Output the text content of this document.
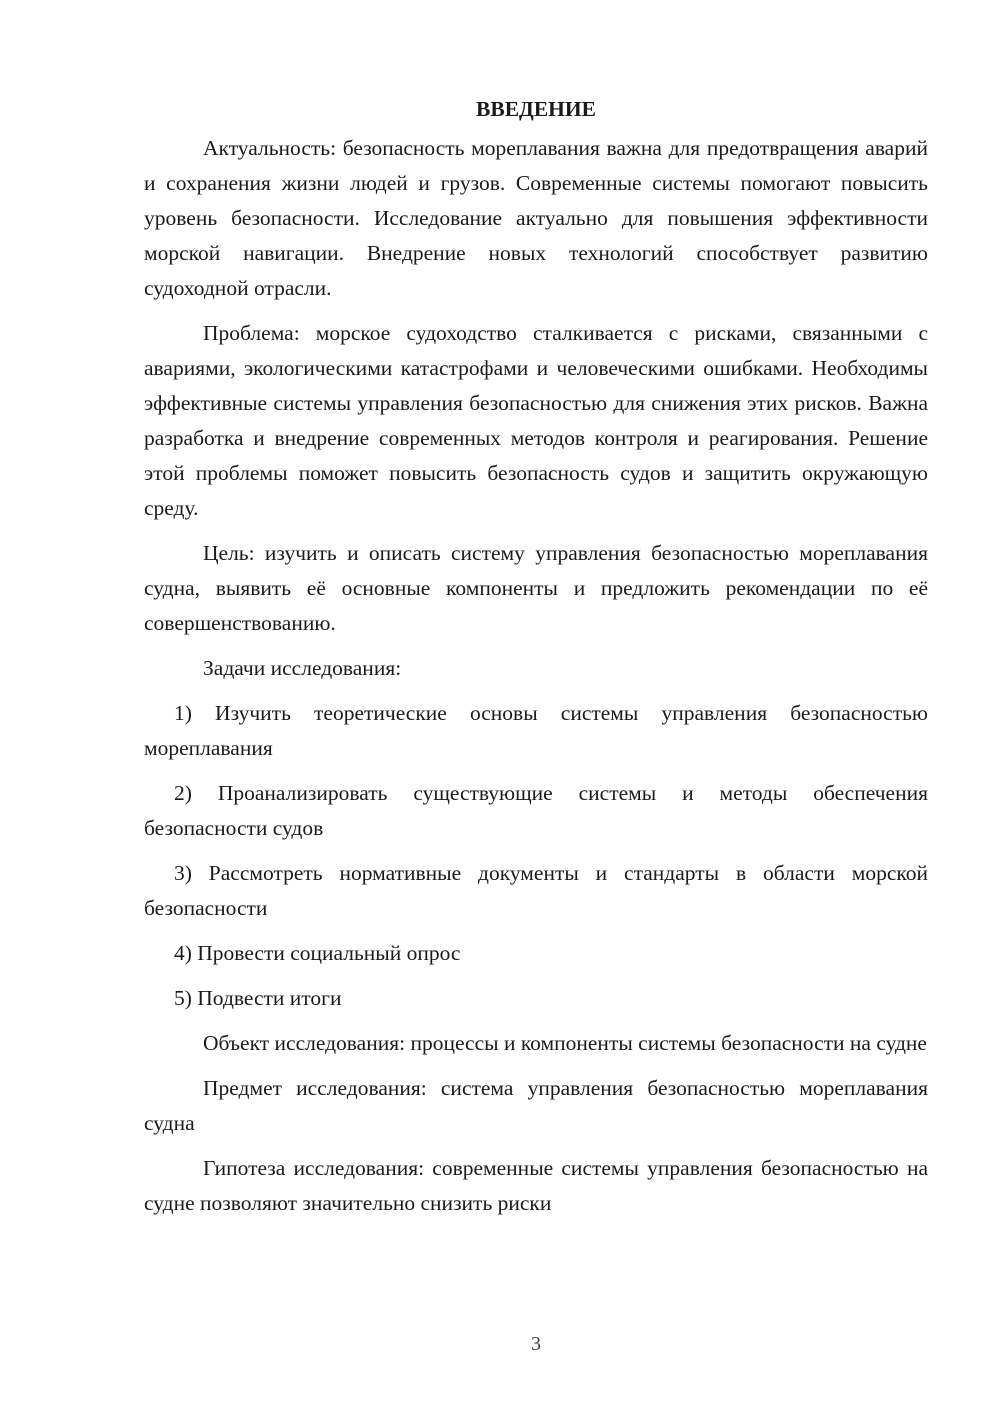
ВВЕДЕНИЕ

Актуальность: безопасность мореплавания важна для предотвращения аварий и сохранения жизни людей и грузов. Современные системы помогают повысить уровень безопасности. Исследование актуально для повышения эффективности морской навигации. Внедрение новых технологий способствует развитию судоходной отрасли.

Проблема: морское судоходство сталкивается с рисками, связанными с авариями, экологическими катастрофами и человеческими ошибками. Необходимы эффективные системы управления безопасностью для снижения этих рисков. Важна разработка и внедрение современных методов контроля и реагирования. Решение этой проблемы поможет повысить безопасность судов и защитить окружающую среду.

Цель: изучить и описать систему управления безопасностью мореплавания судна, выявить её основные компоненты и предложить рекомендации по её совершенствованию.

Задачи исследования:

1) Изучить теоретические основы системы управления безопасностью мореплавания

2) Проанализировать существующие системы и методы обеспечения безопасности судов

3) Рассмотреть нормативные документы и стандарты в области морской безопасности

4) Провести социальный опрос

5) Подвести итоги

Объект исследования: процессы и компоненты системы безопасности на судне

Предмет исследования: система управления безопасностью мореплавания судна

Гипотеза исследования: современные системы управления безопасностью на судне позволяют значительно снизить риски

3
